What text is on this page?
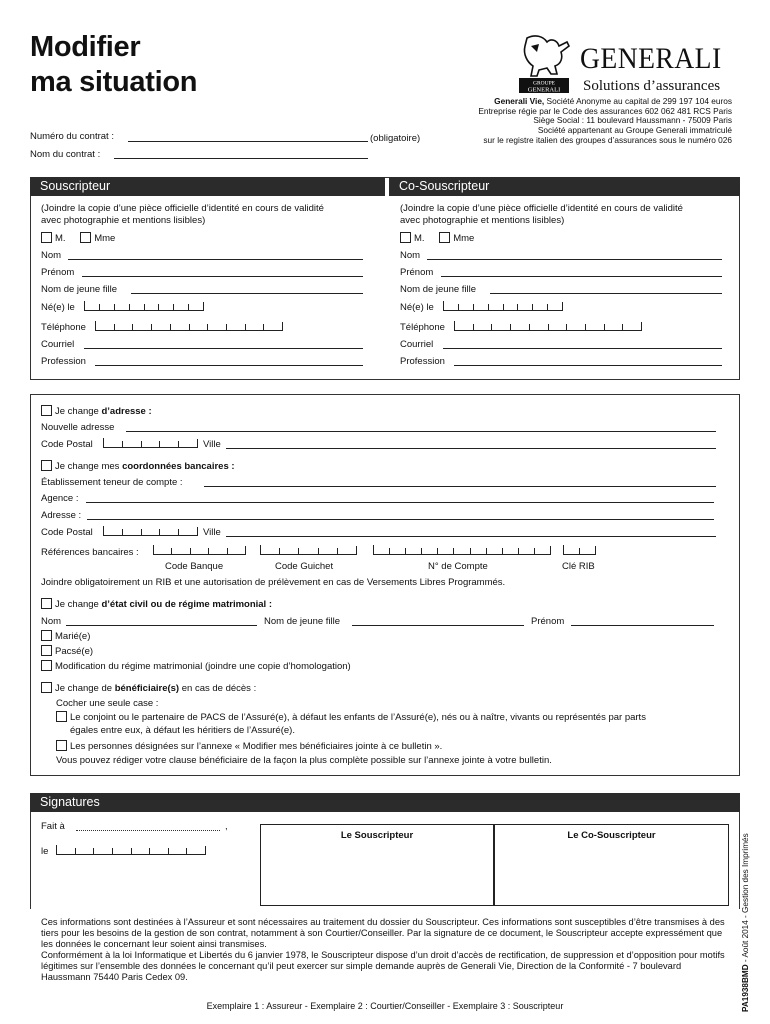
Modifier
ma situation	GROUPE
GENERALI
GENERALI
Solutions d’assurances
Generali Vie, Société Anonyme au capital de 299 197 104 euros
Entreprise régie par le Code des assurances 602 062 481 RCS Paris
Siège Social : 11 boulevard Haussmann - 75009 Paris
Société appartenant au Groupe Generali immatriculé
sur le registre italien des groupes d’assurances sous le numéro 026
Numéro du contrat :	(obligatoire)
Nom du contrat :
Souscripteur	Co-Souscripteur
(Joindre la copie d’une pièce officielle d’identité en cours de validité
avec photographie et mentions lisibles)
M.	Mme
Nom
Prénom
Nom de jeune fille
Né(e) le
Téléphone
Courriel
Profession
(Joindre la copie d’une pièce officielle d’identité en cours de validité
avec photographie et mentions lisibles)
M.	Mme
Nom
Prénom
Nom de jeune fille
Né(e) le
Téléphone
Courriel
Profession
Je change d’adresse :
Nouvelle adresse
Code Postal	Ville
Je change mes coordonnées bancaires :
Établissement teneur de compte :
Agence :
Adresse :
Code Postal	Ville
Références bancaires :
Code Banque	Code Guichet	N° de Compte	Clé RIB
Joindre obligatoirement un RIB et une autorisation de prélèvement en cas de Versements Libres Programmés.
Je change d’état civil ou de régime matrimonial :
Nom	Nom de jeune fille	Prénom
Marié(e)
Pacsé(e)
Modification du régime matrimonial (joindre une copie d’homologation)
Je change de bénéficiaire(s) en cas de décès :
Cocher une seule case :
Le conjoint ou le partenaire de PACS de l’Assuré(e), à défaut les enfants de l’Assuré(e), nés ou à naître, vivants ou représentés par parts
égales entre eux, à défaut les héritiers de l’Assuré(e).
Les personnes désignées sur l’annexe « Modifier mes bénéficiaires jointe à ce bulletin ».
Vous pouvez rédiger votre clause bénéficiaire de la façon la plus complète possible sur l’annexe jointe à votre bulletin.
Signatures
Fait à	,
le
Le Souscripteur	Le Co-Souscripteur
Ces informations sont destinées à l’Assureur et sont nécessaires au traitement du dossier du Souscripteur. Ces informations sont susceptibles d’être transmises à des tiers pour les besoins de la gestion de son contrat, notamment à son Courtier/Conseiller. Par la signature de ce document, le Souscripteur accepte expressément que les données le concernant leur soient ainsi transmises.
Conformément à la loi Informatique et Libertés du 6 janvier 1978, le Souscripteur dispose d’un droit d’accès de rectification, de suppression et d’opposition pour motifs légitimes sur l’ensemble des données le concernant qu’il peut exercer sur simple demande auprès de Generali Vie, Direction de la Conformité - 7 boulevard Haussmann 75440 Paris Cedex 09.	PA1938BMD - Août 2014 - Gestion des Imprimés
Exemplaire 1 : Assureur - Exemplaire 2 : Courtier/Conseiller - Exemplaire 3 : Souscripteur
